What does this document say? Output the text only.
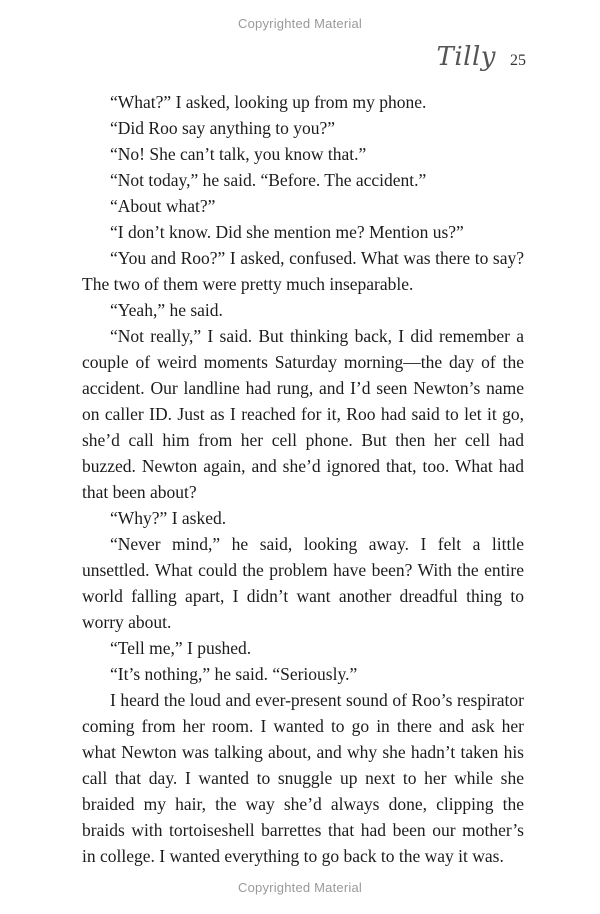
Copyrighted Material
Tilly 25

“What?” I asked, looking up from my phone.

“Did Roo say anything to you?”

“No! She can’t talk, you know that.”

“Not today,” he said. “Before. The accident.”

“About what?”

“I don’t know. Did she mention me? Mention us?”

“You and Roo?” I asked, confused. What was there to say? The two of them were pretty much inseparable.

“Yeah,” he said.

“Not really,” I said. But thinking back, I did remember a couple of weird moments Saturday morning—the day of the accident. Our landline had rung, and I’d seen Newton’s name on caller ID. Just as I reached for it, Roo had said to let it go, she’d call him from her cell phone. But then her cell had buzzed. Newton again, and she’d ignored that, too. What had that been about?

“Why?” I asked.

“Never mind,” he said, looking away. I felt a little unsettled. What could the problem have been? With the entire world falling apart, I didn’t want another dreadful thing to worry about.

“Tell me,” I pushed.

“It’s nothing,” he said. “Seriously.”

I heard the loud and ever-present sound of Roo’s respirator coming from her room. I wanted to go in there and ask her what Newton was talking about, and why she hadn’t taken his call that day. I wanted to snuggle up next to her while she braided my hair, the way she’d always done, clipping the braids with tortoiseshell barrettes that had been our mother’s in college. I wanted everything to go back to the way it was.

Copyrighted Material
